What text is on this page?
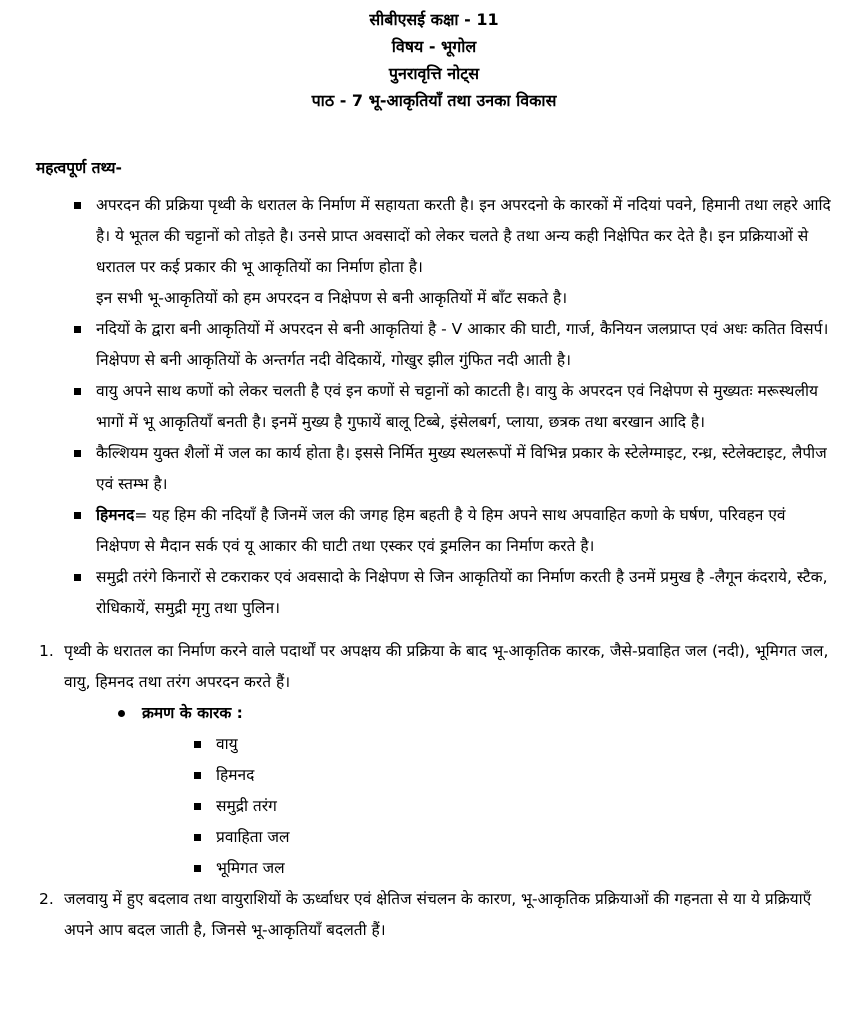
सीबीएसई कक्षा - 11
विषय - भूगोल
पुनरावृत्ति नोट्स
पाठ - 7 भू-आकृतियाँ तथा उनका विकास
महत्वपूर्ण तथ्य-
अपरदन की प्रक्रिया पृथ्वी के धरातल के निर्माण में सहायता करती है। इन अपरदनो के कारकों में नदियां पवने, हिमानी तथा लहरे आदि है। ये भूतल की चट्टानों को तोड़ते है। उनसे प्राप्त अवसादों को लेकर चलते है तथा अन्य कही निक्षेपित कर देते है। इन प्रक्रियाओं से धरातल पर कई प्रकार की भू आकृतियों का निर्माण होता है।
इन सभी भू-आकृतियों को हम अपरदन व निक्षेपण से बनी आकृतियों में बाँट सकते है।
नदियों के द्वारा बनी आकृतियों में अपरदन से बनी आकृतियां है - V आकार की घाटी, गार्ज, कैनियन जलप्राप्त एवं अधः कतित विसर्प। निक्षेपण से बनी आकृतियों के अन्तर्गत नदी वेदिकायें, गोखुर झील गुंफित नदी आती है।
वायु अपने साथ कणों को लेकर चलती है एवं इन कणों से चट्टानों को काटती है। वायु के अपरदन एवं निक्षेपण से मुख्यतः मरूस्थलीय भागों में भू आकृतियाँ बनती है। इनमें मुख्य है गुफायें बालू टिब्बे, इंसेलबर्ग, प्लाया, छत्रक तथा बरखान आदि है।
कैल्शियम युक्त शैलों में जल का कार्य होता है। इससे निर्मित मुख्य स्थलरूपों में विभिन्न प्रकार के स्टेलेग्माइट, रन्ध्र, स्टेलेक्टाइट, लैपीज एवं स्तम्भ है।
हिमनद= यह हिम की नदियाँ है जिनमें जल की जगह हिम बहती है ये हिम अपने साथ अपवाहित कणो के घर्षण, परिवहन एवं निक्षेपण से मैदान सर्क एवं यू आकार की घाटी तथा एस्कर एवं ड्रमलिन का निर्माण करते है।
समुद्री तरंगे किनारों से टकराकर एवं अवसादो के निक्षेपण से जिन आकृतियों का निर्माण करती है उनमें प्रमुख है -लैगून कंदराये, स्टैक, रोधिकायें, समुद्री मृगु तथा पुलिन।
1. पृथ्वी के धरातल का निर्माण करने वाले पदार्थों पर अपक्षय की प्रक्रिया के बाद भू-आकृतिक कारक, जैसे-प्रवाहित जल (नदी), भूमिगत जल, वायु, हिमनद तथा तरंग अपरदन करते हैं।
क्रमण के कारक :
वायु
हिमनद
समुद्री तरंग
प्रवाहिता जल
भूमिगत जल
2. जलवायु में हुए बदलाव तथा वायुराशियों के ऊर्ध्वाधर एवं क्षेतिज संचलन के कारण, भू-आकृतिक प्रक्रियाओं की गहनता से या ये प्रक्रियाएँ अपने आप बदल जाती है, जिनसे भू-आकृतियाँ बदलती हैं।
